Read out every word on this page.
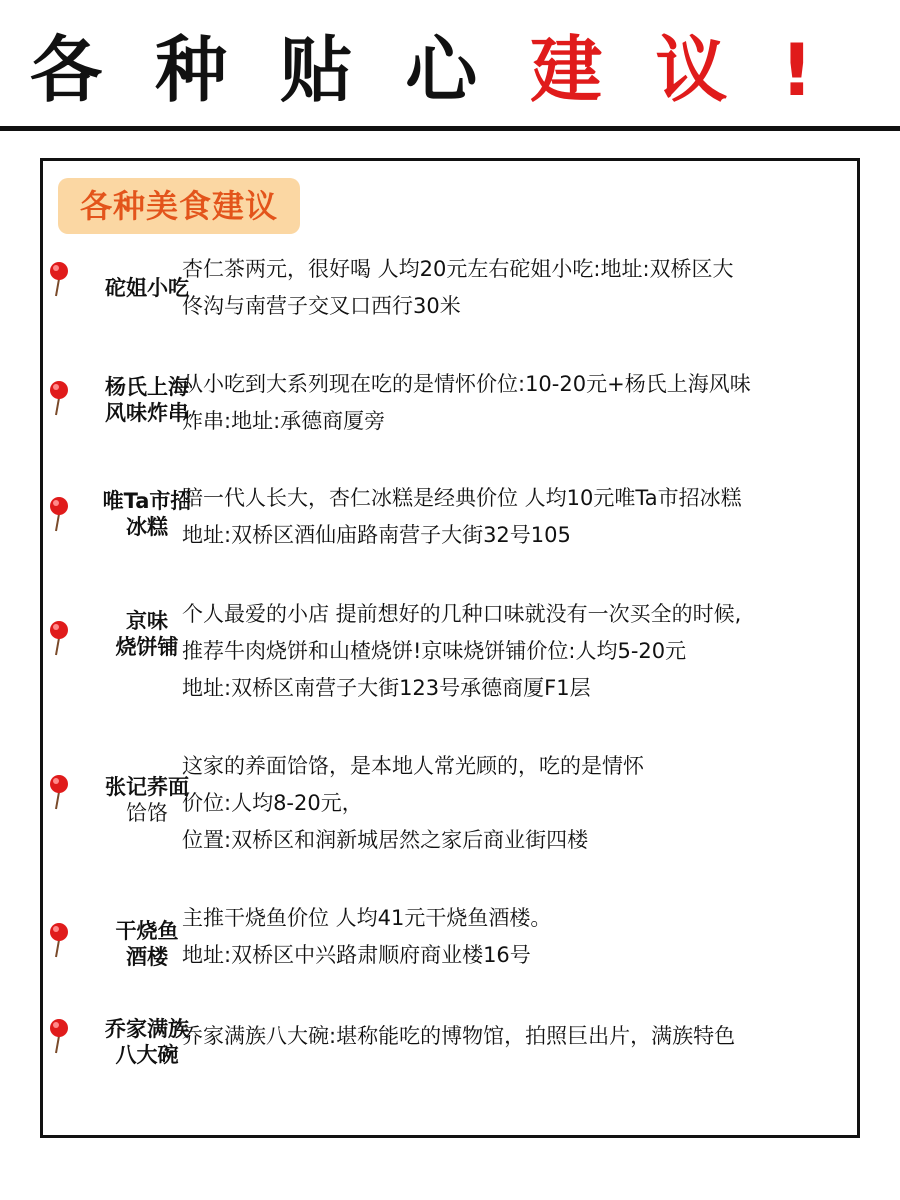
各 种 贴 心 建 议 !
各种美食建议
砣姐小吃
杏仁茶两元，很好喝 人均20元左右砣姐小吃:地址:双桥区大
佟沟与南营子交叉口西行30米
杨氏上海
风味炸串
从小吃到大系列现在吃的是情怀价位:10-20元+杨氏上海风味
炸串:地址:承德商厦旁
唯Ta市招
冰糕
陪一代人长大，杏仁冰糕是经典价位 人均10元唯Ta市招冰糕
地址:双桥区酒仙庙路南营子大街32号105
京味
烧饼铺
个人最爱的小店 提前想好的几种口味就没有一次买全的时候,
推荐牛肉烧饼和山楂烧饼!京味烧饼铺价位:人均5-20元
地址:双桥区南营子大街123号承德商厦F1层
张记荞面
饸饹
这家的养面饸饹，是本地人常光顾的，吃的是情怀
价位:人均8-20元，
位置:双桥区和润新城居然之家后商业街四楼
干烧鱼
酒楼
主推干烧鱼价位 人均41元干烧鱼酒楼。
地址:双桥区中兴路肃顺府商业楼16号
乔家满族
八大碗
乔家满族八大碗:堪称能吃的博物馆，拍照巨出片，满族特色
